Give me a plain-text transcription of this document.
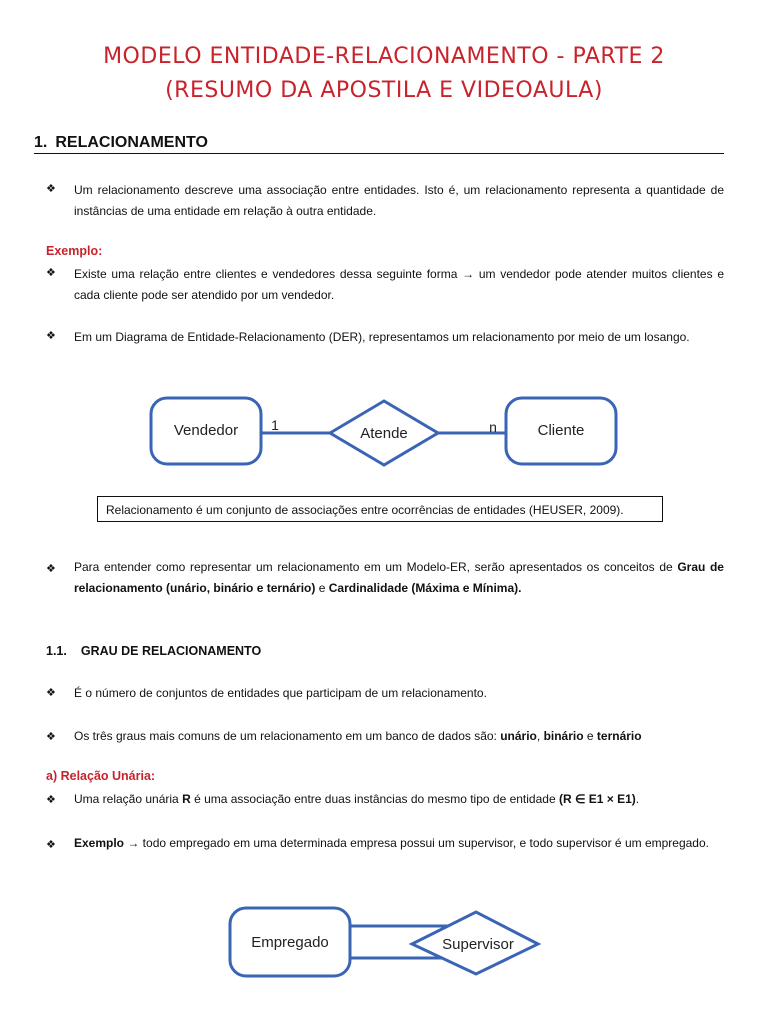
MODELO ENTIDADE-RELACIONAMENTO - PARTE 2
(RESUMO DA APOSTILA E VIDEOAULA)
1. RELACIONAMENTO
❖ Um relacionamento descreve uma associação entre entidades. Isto é, um relacionamento representa a quantidade de instâncias de uma entidade em relação à outra entidade.
Exemplo:
❖ Existe uma relação entre clientes e vendedores dessa seguinte forma → um vendedor pode atender muitos clientes e cada cliente pode ser atendido por um vendedor.
❖ Em um Diagrama de Entidade-Relacionamento (DER), representamos um relacionamento por meio de um losango.
Vendedor	Atende	Cliente
1	n
Relacionamento é um conjunto de associações entre ocorrências de entidades (HEUSER, 2009).
❖ Para entender como representar um relacionamento em um Modelo-ER, serão apresentados os conceitos de Grau de relacionamento (unário, binário e ternário) e Cardinalidade (Máxima e Mínima).
1.1. GRAU DE RELACIONAMENTO
❖ É o número de conjuntos de entidades que participam de um relacionamento.
❖ Os três graus mais comuns de um relacionamento em um banco de dados são: unário, binário e ternário
a) Relação Unária:
❖ Uma relação unária R é uma associação entre duas instâncias do mesmo tipo de entidade (R ∈ E1 × E1).
❖ Exemplo → todo empregado em uma determinada empresa possui um supervisor, e todo supervisor é um empregado.
Empregado	Supervisor
